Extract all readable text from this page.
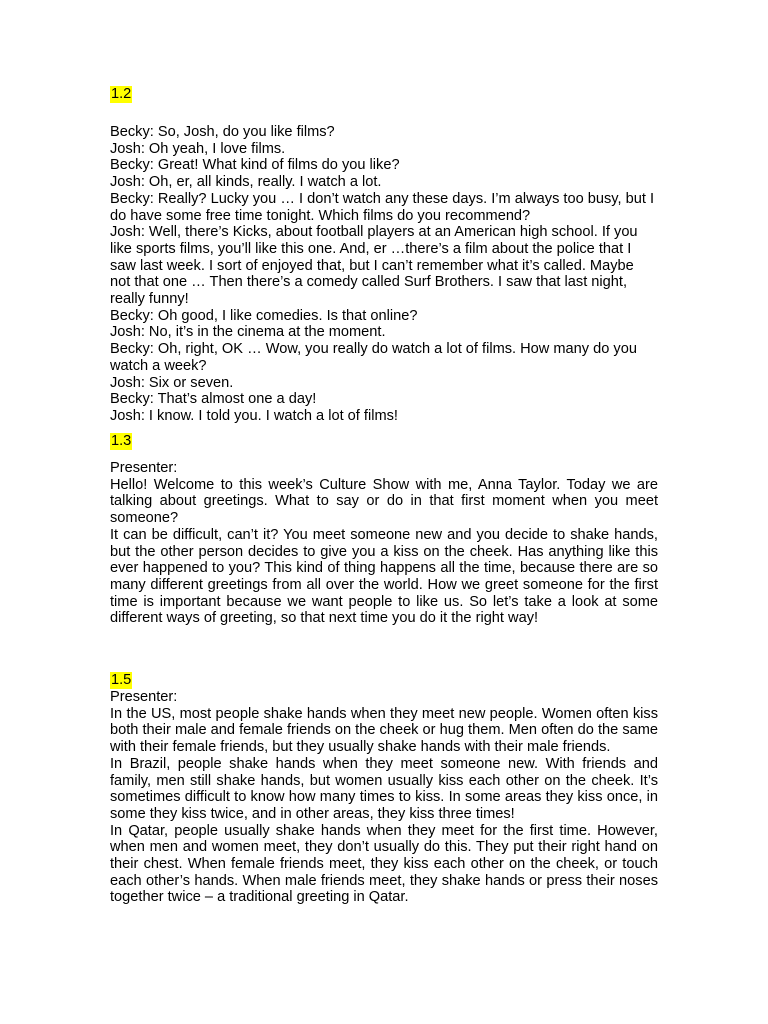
1.2

Becky: So, Josh, do you like films?

Josh: Oh yeah, I love films.

Becky: Great! What kind of films do you like?

Josh: Oh, er, all kinds, really. I watch a lot.

Becky: Really? Lucky you … I don’t watch any these days. I’m always too busy, but I do have some free time tonight. Which films do you recommend?

Josh: Well, there’s Kicks, about football players at an American high school. If you like sports films, you’ll like this one. And, er …there’s a film about the police that I saw last week. I sort of enjoyed that, but I can’t remember what it’s called. Maybe not that one … Then there’s a comedy called Surf Brothers. I saw that last night, really funny!

Becky: Oh good, I like comedies. Is that online?

Josh: No, it’s in the cinema at the moment.

Becky: Oh, right, OK … Wow, you really do watch a lot of films. How many do you watch a week?

Josh: Six or seven.

Becky: That’s almost one a day!

Josh: I know. I told you. I watch a lot of films!

1.3

Presenter:

Hello! Welcome to this week’s Culture Show with me, Anna Taylor. Today we are talking about greetings. What to say or do in that first moment when you meet someone?

It can be difficult, can’t it? You meet someone new and you decide to shake hands, but the other person decides to give you a kiss on the cheek. Has anything like this ever happened to you? This kind of thing happens all the time, because there are so many different greetings from all over the world. How we greet someone for the first time is important because we want people to like us. So let’s take a look at some different ways of greeting, so that next time you do it the right way!

1.5

Presenter:

In the US, most people shake hands when they meet new people. Women often kiss both their male and female friends on the cheek or hug them. Men often do the same with their female friends, but they usually shake hands with their male friends.

In Brazil, people shake hands when they meet someone new. With friends and family, men still shake hands, but women usually kiss each other on the cheek. It’s sometimes difficult to know how many times to kiss. In some areas they kiss once, in some they kiss twice, and in other areas, they kiss three times!

In Qatar, people usually shake hands when they meet for the first time. However, when men and women meet, they don’t usually do this. They put their right hand on their chest. When female friends meet, they kiss each other on the cheek, or touch each other’s hands. When male friends meet, they shake hands or press their noses together twice – a traditional greeting in Qatar.
